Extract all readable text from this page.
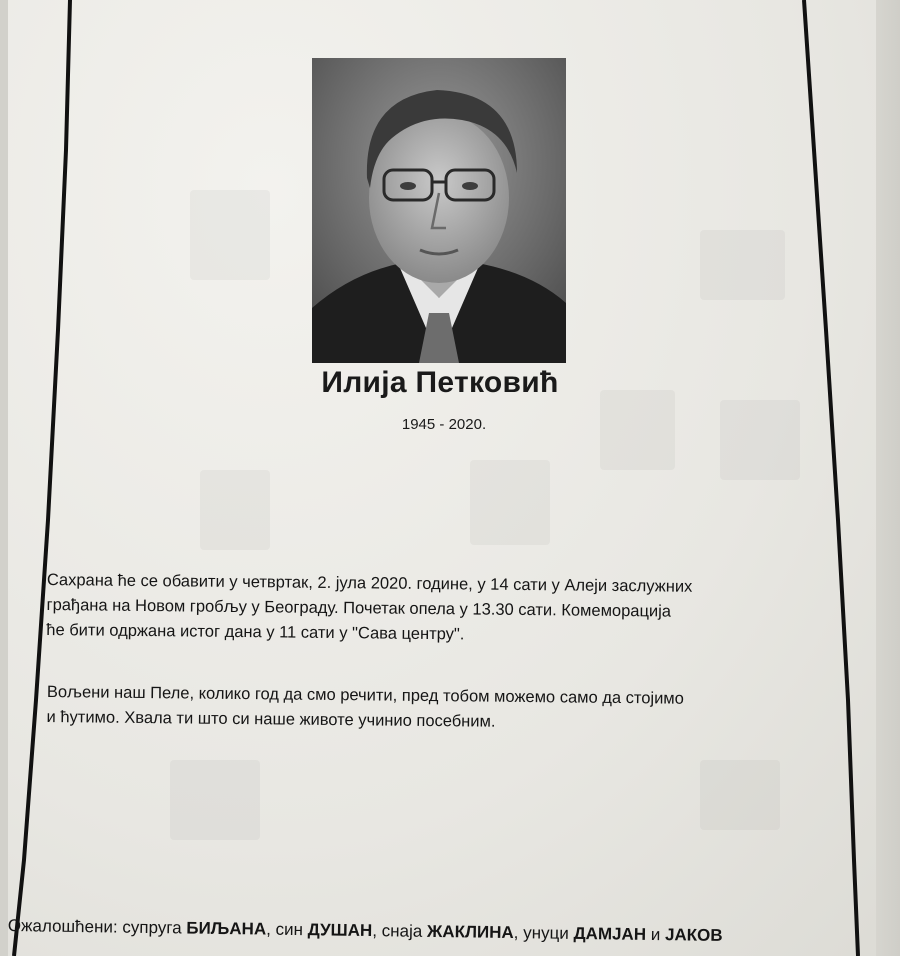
Илија Петковић
1945 - 2020.
Сахрана ће се обавити у четвртак, 2. јула 2020. године, у 14 сати у Алеји заслужних
грађана на Новом гробљу у Београду. Почетак опела у 13.30 сати. Комеморација
ће бити одржана истог дана у 11 сати у "Сава центру".
Вољени наш Пеле, колико год да смо речити, пред тобом можемо само да стојимо
и ћутимо. Хвала ти што си наше животе учинио посебним.
Ожалошћени: супруга БИЉАНА, син ДУШАН, снаја ЖАКЛИНА, унуци ДАМЈАН и ЈАКОВ
